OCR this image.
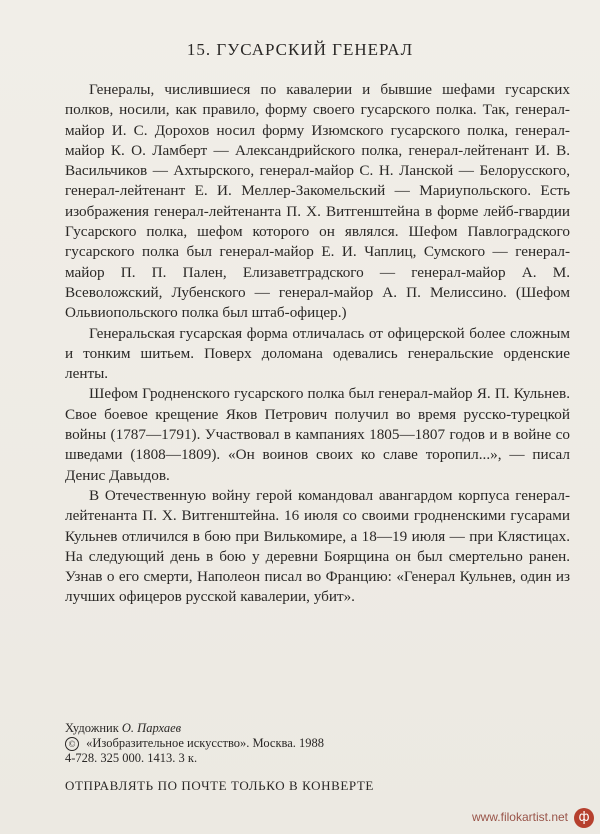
15. ГУСАРСКИЙ ГЕНЕРАЛ

Генералы, числившиеся по кавалерии и бывшие шефами гусарских полков, носили, как правило, форму своего гусарского полка. Так, генерал-майор И. С. Дорохов носил форму Изюмского гусарского полка, генерал-майор К. О. Ламберт — Александрийского полка, генерал-лейтенант И. В. Васильчиков — Ахтырского, генерал-майор С. Н. Ланской — Белорусского, генерал-лейтенант Е. И. Меллер-Закомельский — Мариупольского. Есть изображения генерал-лейтенанта П. Х. Витгенштейна в форме лейб-гвардии Гусарского полка, шефом которого он являлся. Шефом Павлоградского гусарского полка был генерал-майор Е. И. Чаплиц, Сумского — генерал-майор П. П. Пален, Елизаветградского — генерал-майор А. М. Всеволожский, Лубенского — генерал-майор А. П. Мелиссино. (Шефом Ольвиопольского полка был штаб-офицер.)

Генеральская гусарская форма отличалась от офицерской более сложным и тонким шитьем. Поверх доломана одевались генеральские орденские ленты.

Шефом Гродненского гусарского полка был генерал-майор Я. П. Кульнев. Свое боевое крещение Яков Петрович получил во время русско-турецкой войны (1787—1791). Участвовал в кампаниях 1805—1807 годов и в войне со шведами (1808—1809). «Он воинов своих ко славе торопил...», — писал Денис Давыдов.

В Отечественную войну герой командовал авангардом корпуса генерал-лейтенанта П. Х. Витгенштейна. 16 июля со своими гродненскими гусарами Кульнев отличился в бою при Вилькомире, а 18—19 июля — при Клястицах. На следующий день в бою у деревни Боярщина он был смертельно ранен. Узнав о его смерти, Наполеон писал во Францию: «Генерал Кульнев, один из лучших офицеров русской кавалерии, убит».

Художник О. Пархаев
© «Изобразительное искусство». Москва. 1988
4-728. 325 000. 1413. 3 к.
ОТПРАВЛЯТЬ ПО ПОЧТЕ ТОЛЬКО В КОНВЕРТЕ
www.filokartist.net ф
